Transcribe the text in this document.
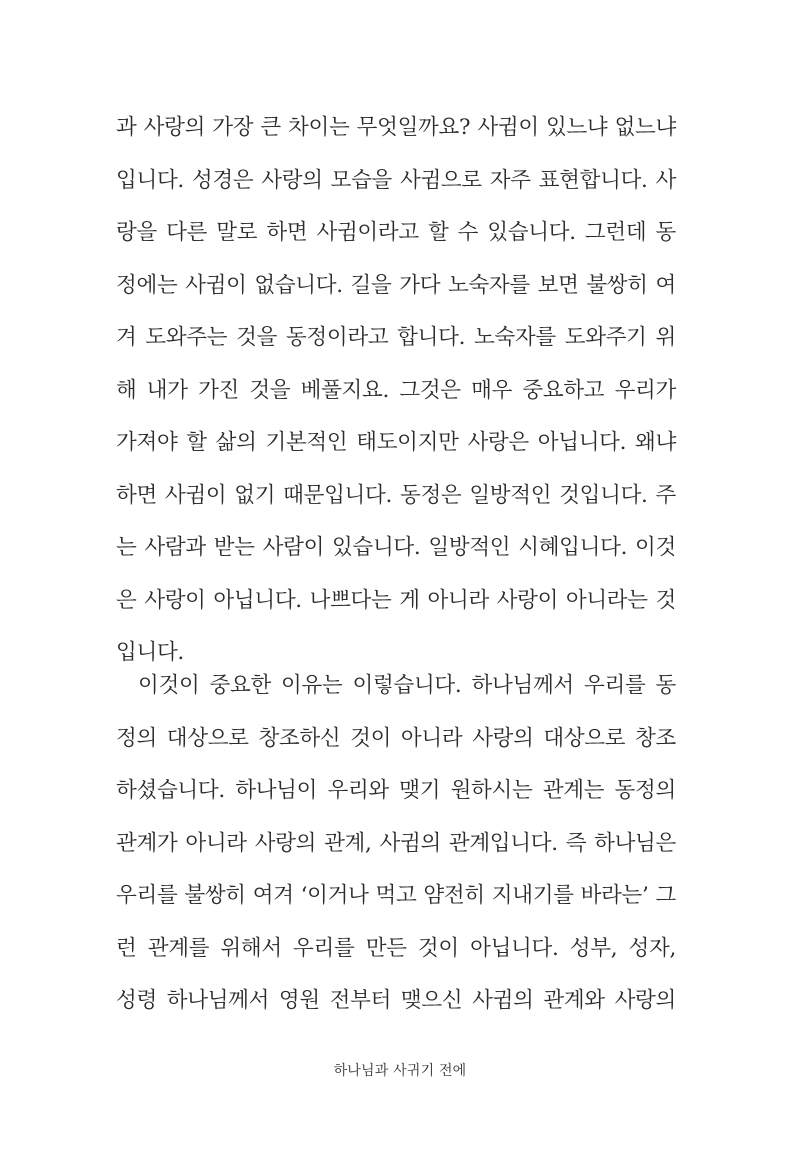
과 사랑의 가장 큰 차이는 무엇일까요? 사귐이 있느냐 없느냐
입니다. 성경은 사랑의 모습을 사귐으로 자주 표현합니다. 사
랑을 다른 말로 하면 사귐이라고 할 수 있습니다. 그런데 동
정에는 사귐이 없습니다. 길을 가다 노숙자를 보면 불쌍히 여
겨 도와주는 것을 동정이라고 합니다. 노숙자를 도와주기 위
해 내가 가진 것을 베풀지요. 그것은 매우 중요하고 우리가
가져야 할 삶의 기본적인 태도이지만 사랑은 아닙니다. 왜냐
하면 사귐이 없기 때문입니다. 동정은 일방적인 것입니다. 주
는 사람과 받는 사람이 있습니다. 일방적인 시혜입니다. 이것
은 사랑이 아닙니다. 나쁘다는 게 아니라 사랑이 아니라는 것
입니다.
이것이 중요한 이유는 이렇습니다. 하나님께서 우리를 동
정의 대상으로 창조하신 것이 아니라 사랑의 대상으로 창조
하셨습니다. 하나님이 우리와 맺기 원하시는 관계는 동정의
관계가 아니라 사랑의 관계, 사귐의 관계입니다. 즉 하나님은
우리를 불쌍히 여겨 ‘이거나 먹고 얌전히 지내기를 바라는’ 그
런 관계를 위해서 우리를 만든 것이 아닙니다. 성부, 성자,
성령 하나님께서 영원 전부터 맺으신 사귐의 관계와 사랑의
하나님과 사귀기 전에
